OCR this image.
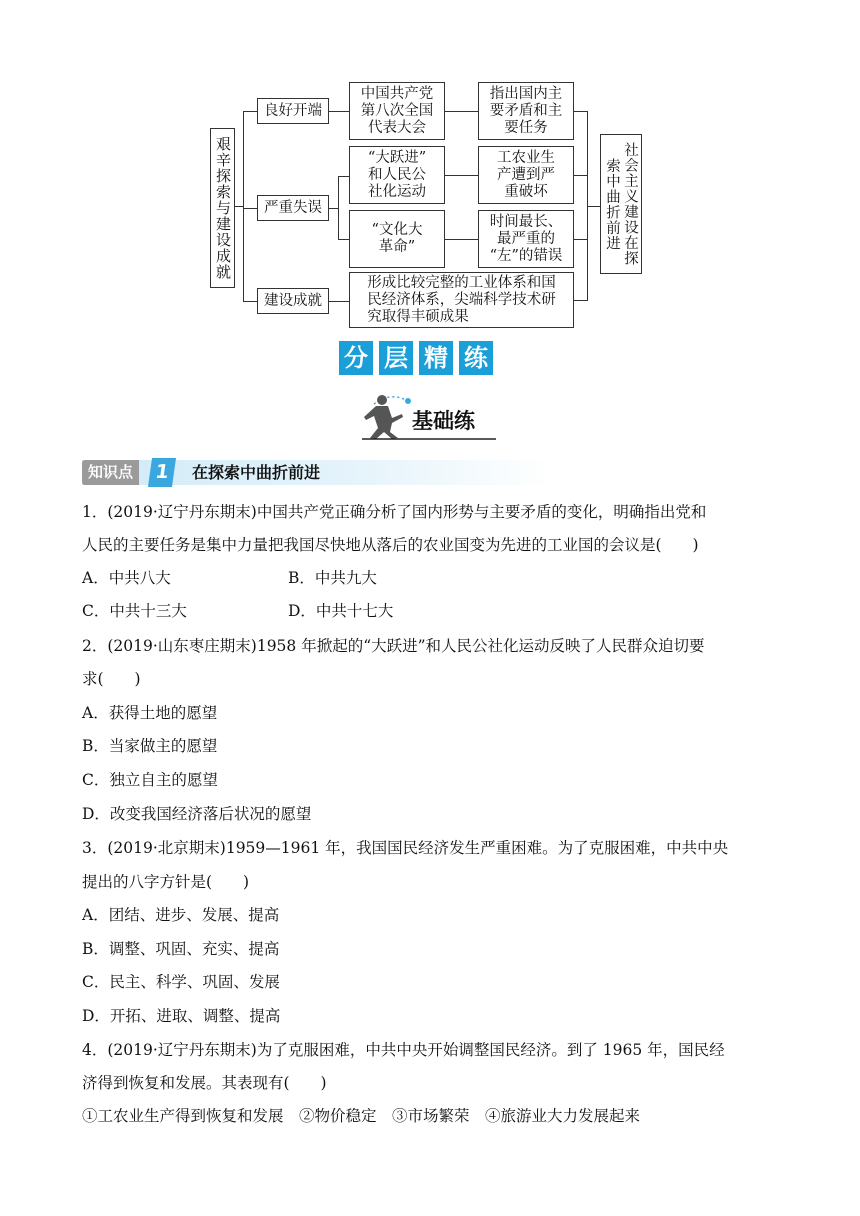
艰辛探索与建设成就
良好开端
严重失误
建设成就
中国共产党
第八次全国
代表大会
“大跃进”
和人民公
社化运动
“文化大
革命”
形成比较完整的工业体系和国
民经济体系，尖端科学技术研
究取得丰硕成果
指出国内主
要矛盾和主
要任务
工农业生
产遭到严
重破坏
时间最长、
最严重的
“左”的错误	社会主义建设在探索中曲折前进
分 层 精 练
基础练
知识点	1	在探索中曲折前进
1．(2019·辽宁丹东期末)中国共产党正确分析了国内形势与主要矛盾的变化，明确指出党和
人民的主要任务是集中力量把我国尽快地从落后的农业国变为先进的工业国的会议是(　　)
A．中共八大	B．中共九大
C．中共十三大	D．中共十七大
2．(2019·山东枣庄期末)1958 年掀起的“大跃进”和人民公社化运动反映了人民群众迫切要
求(　　)
A．获得土地的愿望
B．当家做主的愿望
C．独立自主的愿望
D．改变我国经济落后状况的愿望
3．(2019·北京期末)1959—1961 年，我国国民经济发生严重困难。为了克服困难，中共中央
提出的八字方针是(　　)
A．团结、进步、发展、提高
B．调整、巩固、充实、提高
C．民主、科学、巩固、发展
D．开拓、进取、调整、提高
4．(2019·辽宁丹东期末)为了克服困难，中共中央开始调整国民经济。到了 1965 年，国民经
济得到恢复和发展。其表现有(　　)
①工农业生产得到恢复和发展　②物价稳定　③市场繁荣　④旅游业大力发展起来
